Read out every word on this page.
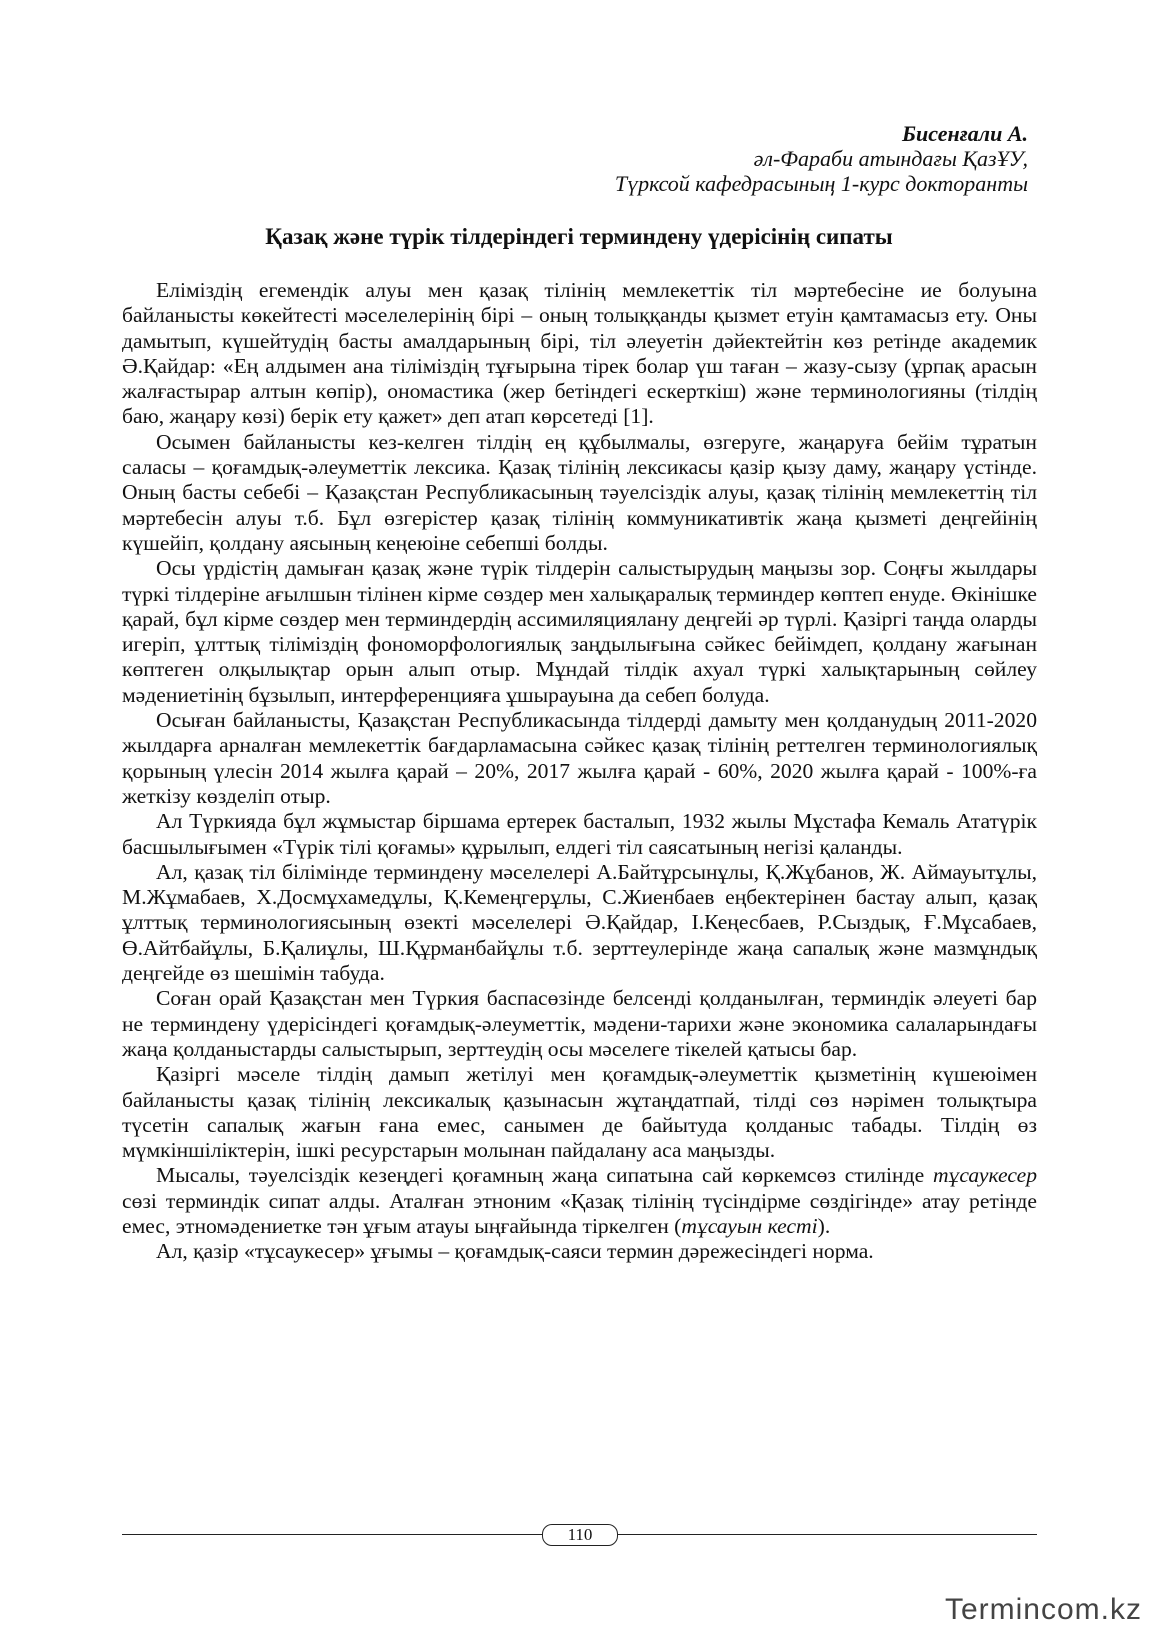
Бисенғали А.
әл-Фараби атындағы ҚазҰУ,
Түрксой кафедрасының 1-курс докторанты
Қазақ және түрік тілдеріндегі терминдену үдерісінің сипаты

Еліміздің егемендік алуы мен қазақ тілінің мемлекеттік тіл мәртебесіне ие болуына байланысты көкейтесті мәселелерінің бірі – оның толыққанды қызмет етуін қамтамасыз ету. Оны дамытып, күшейтудің басты амалдарының бірі, тіл әлеуетін дәйектейтін көз ретінде академик Ә.Қайдар: «Ең алдымен ана тіліміздің тұғырына тірек болар үш таған – жазу-сызу (ұрпақ арасын жалғастырар алтын көпір), ономастика (жер бетіндегі ескерткіш) және терминологияны (тілдің баю, жаңару көзі) берік ету қажет» деп атап көрсетеді [1].

Осымен байланысты кез-келген тілдің ең құбылмалы, өзгеруге, жаңаруға бейім тұратын саласы – қоғамдық-әлеуметтік лексика. Қазақ тілінің лексикасы қазір қызу даму, жаңару үстінде. Оның басты себебі – Қазақстан Республикасының тәуелсіздік алуы, қазақ тілінің мемлекеттің тіл мәртебесін алуы т.б. Бұл өзгерістер қазақ тілінің коммуникативтік жаңа қызметі деңгейінің күшейіп, қолдану аясының кеңеюіне себепші болды.

Осы үрдістің дамыған қазақ және түрік тілдерін салыстырудың маңызы зор. Соңғы жылдары түркі тілдеріне ағылшын тілінен кірме сөздер мен халықаралық терминдер көптеп енуде. Өкінішке қарай, бұл кірме сөздер мен терминдердің ассимиляциялану деңгейі әр түрлі. Қазіргі таңда оларды игеріп, ұлттық тіліміздің фономорфологиялық заңдылығына сәйкес бейімдеп, қолдану жағынан көптеген олқылықтар орын алып отыр. Мұндай тілдік ахуал түркі халықтарының сөйлеу мәдениетінің бұзылып, интерференцияға ұшырауына да себеп болуда.

Осыған байланысты, Қазақстан Республикасында тілдерді дамыту мен қолданудың 2011-2020 жылдарға арналған мемлекеттік бағдарламасына сәйкес қазақ тілінің реттелген терминологиялық қорының үлесін 2014 жылға қарай – 20%, 2017 жылға қарай - 60%, 2020 жылға қарай - 100%-ға жеткізу көзделіп отыр.

Ал Түркияда бұл жұмыстар біршама ертерек басталып, 1932 жылы Мұстафа Кемаль Ататүрік басшылығымен «Түрік тілі қоғамы» құрылып, елдегі тіл саясатының негізі қаланды.

Ал, қазақ тіл білімінде терминдену мәселелері А.Байтұрсынұлы, Қ.Жұбанов, Ж. Аймауытұлы, М.Жұмабаев, Х.Досмұхамедұлы, Қ.Кемеңгерұлы, С.Жиенбаев еңбектерінен бастау алып, қазақ ұлттық терминологиясының өзекті мәселелері Ә.Қайдар, І.Кеңесбаев, Р.Сыздық, Ғ.Мұсабаев, Ө.Айтбайұлы, Б.Қалиұлы, Ш.Құрманбайұлы т.б. зерттеулерінде жаңа сапалық және мазмұндық деңгейде өз шешімін табуда.

Соған орай Қазақстан мен Түркия баспасөзінде белсенді қолданылған, терминдік әлеуеті бар не терминдену үдерісіндегі қоғамдық-әлеуметтік, мәдени-тарихи және экономика салаларындағы жаңа қолданыстарды салыстырып, зерттеудің осы мәселеге тікелей қатысы бар.

Қазіргі мәселе тілдің дамып жетілуі мен қоғамдық-әлеуметтік қызметінің күшеюімен байланысты қазақ тілінің лексикалық қазынасын жұтаңдатпай, тілді сөз нәрімен толықтыра түсетін сапалық жағын ғана емес, санымен де байытуда қолданыс табады. Тілдің өз мүмкіншіліктерін, ішкі ресурстарын молынан пайдалану аса маңызды.

Мысалы, тәуелсіздік кезеңдегі қоғамның жаңа сипатына сай көркемсөз стилінде тұсаукесер сөзі терминдік сипат алды. Аталған этноним «Қазақ тілінің түсіндірме сөздігінде» атау ретінде емес, этномәдениетке тән ұғым атауы ыңғайында тіркелген (тұсауын кесті).

Ал, қазір «тұсаукесер» ұғымы – қоғамдық-саяси термин дәрежесіндегі норма.

110
Termincom.kz
